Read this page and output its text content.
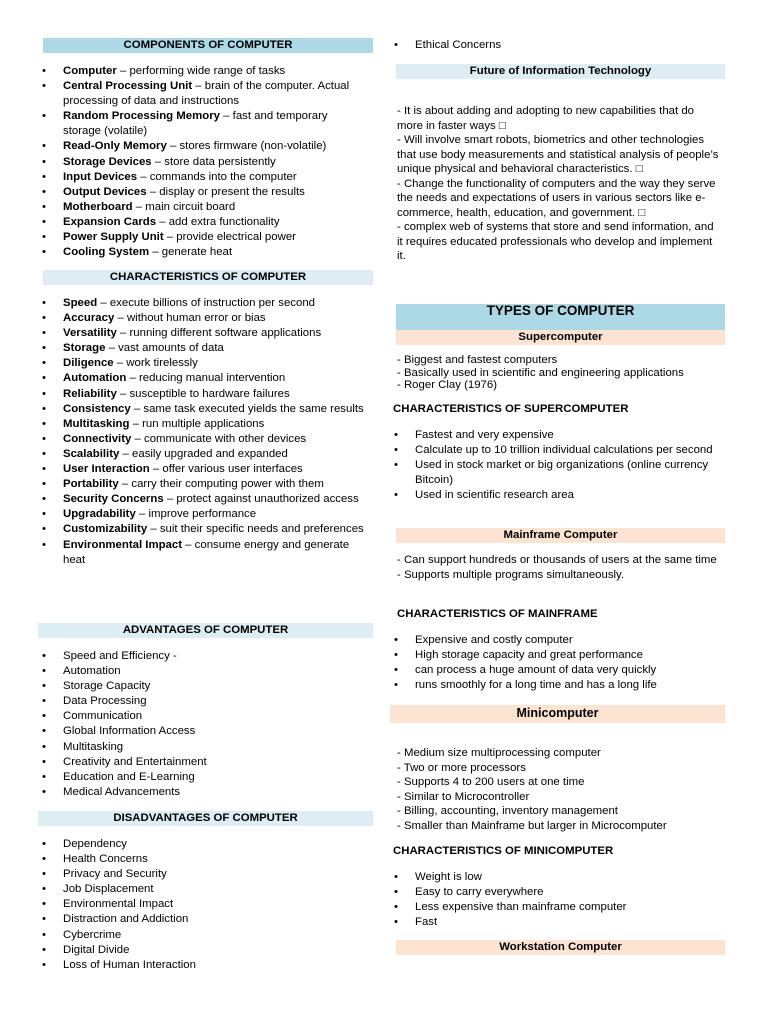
COMPONENTS OF COMPUTER
• Computer – performing wide range of tasks
• Central Processing Unit – brain of the computer. Actual processing of data and instructions
• Random Processing Memory – fast and temporary storage (volatile)
• Read-Only Memory – stores firmware (non-volatile)
• Storage Devices – store data persistently
• Input Devices – commands into the computer
• Output Devices – display or present the results
• Motherboard – main circuit board
• Expansion Cards – add extra functionality
• Power Supply Unit – provide electrical power
• Cooling System – generate heat
CHARACTERISTICS OF COMPUTER
• Speed – execute billions of instruction per second
• Accuracy – without human error or bias
• Versatility – running different software applications
• Storage – vast amounts of data
• Diligence – work tirelessly
• Automation – reducing manual intervention
• Reliability – susceptible to hardware failures
• Consistency – same task executed yields the same results
• Multitasking – run multiple applications
• Connectivity – communicate with other devices
• Scalability – easily upgraded and expanded
• User Interaction – offer various user interfaces
• Portability – carry their computing power with them
• Security Concerns – protect against unauthorized access
• Upgradability – improve performance
• Customizability – suit their specific needs and preferences
• Environmental Impact – consume energy and generate heat
ADVANTAGES OF COMPUTER
• Speed and Efficiency -
• Automation
• Storage Capacity
• Data Processing
• Communication
• Global Information Access
• Multitasking
• Creativity and Entertainment
• Education and E-Learning
• Medical Advancements
DISADVANTAGES OF COMPUTER
• Dependency
• Health Concerns
• Privacy and Security
• Job Displacement
• Environmental Impact
• Distraction and Addiction
• Cybercrime
• Digital Divide
• Loss of Human Interaction
• Ethical Concerns
Future of Information Technology
- It is about adding and adopting to new capabilities that do more in faster ways □
- Will involve smart robots, biometrics and other technologies that use body measurements and statistical analysis of people’s unique physical and behavioral characteristics. □
- Change the functionality of computers and the way they serve the needs and expectations of users in various sectors like e-commerce, health, education, and government. □
- complex web of systems that store and send information, and it requires educated professionals who develop and implement it.
TYPES OF COMPUTER
Supercomputer
- Biggest and fastest computers
- Basically used in scientific and engineering applications
- Roger Clay (1976)
CHARACTERISTICS OF SUPERCOMPUTER
• Fastest and very expensive
• Calculate up to 10 trillion individual calculations per second
• Used in stock market or big organizations (online currency Bitcoin)
• Used in scientific research area
Mainframe Computer
- Can support hundreds or thousands of users at the same time
- Supports multiple programs simultaneously.
CHARACTERISTICS OF MAINFRAME
• Expensive and costly computer
• High storage capacity and great performance
• can process a huge amount of data very quickly
• runs smoothly for a long time and has a long life
Minicomputer
- Medium size multiprocessing computer
- Two or more processors
- Supports 4 to 200 users at one time
- Similar to Microcontroller
- Billing, accounting, inventory management
- Smaller than Mainframe but larger in Microcomputer
CHARACTERISTICS OF MINICOMPUTER
• Weight is low
• Easy to carry everywhere
• Less expensive than mainframe computer
• Fast
Workstation Computer
